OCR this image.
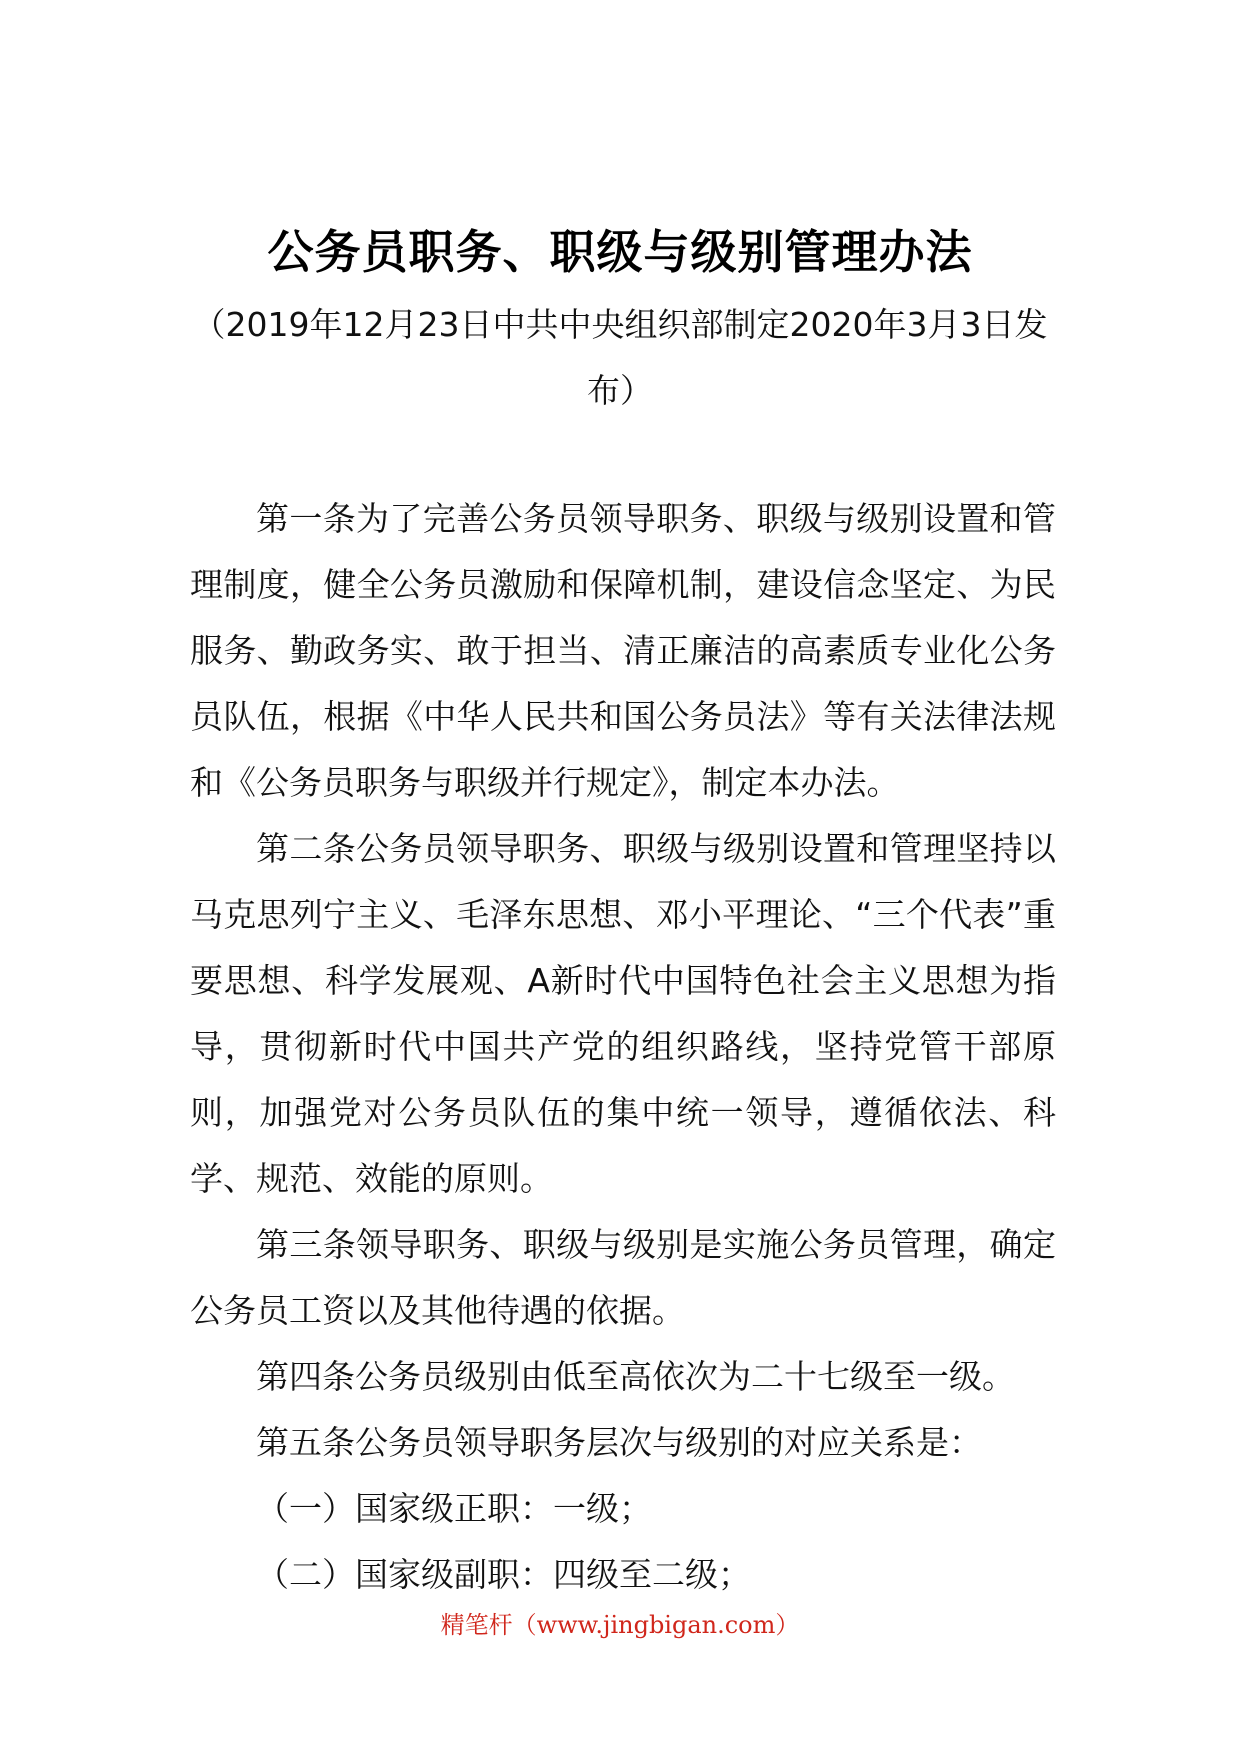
公务员职务、职级与级别管理办法
（2019年12月23日中共中央组织部制定2020年3月3日发布）

第一条为了完善公务员领导职务、职级与级别设置和管理制度，健全公务员激励和保障机制，建设信念坚定、为民服务、勤政务实、敢于担当、清正廉洁的高素质专业化公务员队伍，根据《中华人民共和国公务员法》等有关法律法规和《公务员职务与职级并行规定》，制定本办法。

第二条公务员领导职务、职级与级别设置和管理坚持以马克思列宁主义、毛泽东思想、邓小平理论、“三个代表”重要思想、科学发展观、A新时代中国特色社会主义思想为指导，贯彻新时代中国共产党的组织路线，坚持党管干部原则，加强党对公务员队伍的集中统一领导，遵循依法、科学、规范、效能的原则。

第三条领导职务、职级与级别是实施公务员管理，确定公务员工资以及其他待遇的依据。

第四条公务员级别由低至高依次为二十七级至一级。

第五条公务员领导职务层次与级别的对应关系是：

（一）国家级正职：一级；

（二）国家级副职：四级至二级；

精笔杆（www.jingbigan.com）
